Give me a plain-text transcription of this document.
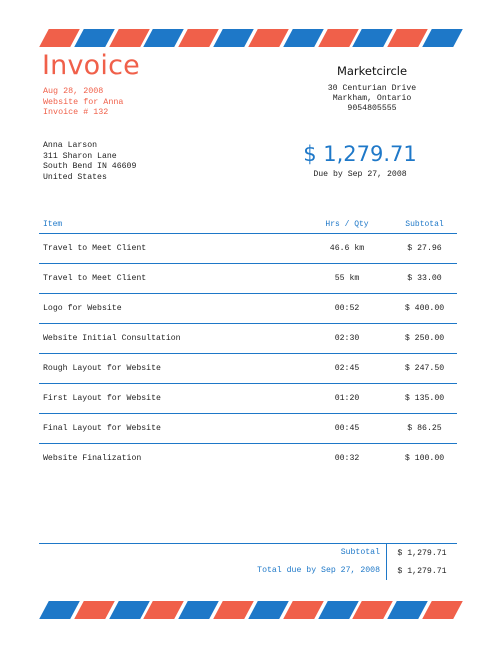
Invoice
Aug 28, 2008
Website for Anna
Invoice # 132
Marketcircle
30 Centurian Drive
Markham, Ontario
9054805555
Anna Larson
311 Sharon Lane
South Bend IN 46609
United States
$ 1,279.71
Due by Sep 27, 2008
Item	Hrs / Qty	Subtotal
Travel to Meet Client	46.6 km	$ 27.96
Travel to Meet Client	55 km	$ 33.00
Logo for Website	00:52	$ 400.00
Website Initial Consultation	02:30	$ 250.00
Rough Layout for Website	02:45	$ 247.50
First Layout for Website	01:20	$ 135.00
Final Layout for Website	00:45	$ 86.25
Website Finalization	00:32	$ 100.00
Subtotal	$ 1,279.71
Total due by Sep 27, 2008	$ 1,279.71
